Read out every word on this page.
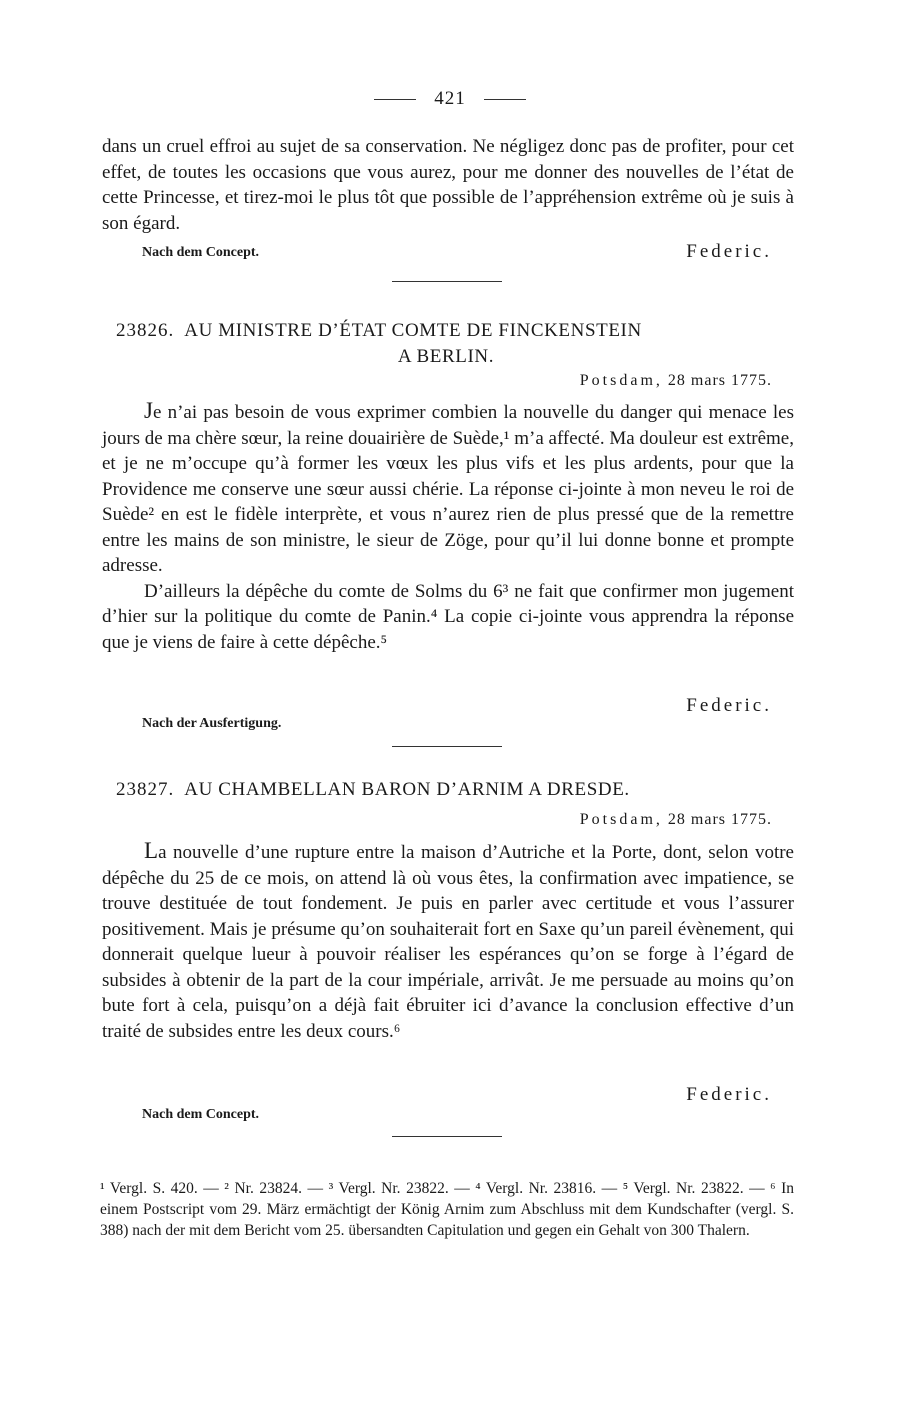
421

dans un cruel effroi au sujet de sa conservation. Ne négligez donc pas de profiter, pour cet effet, de toutes les occasions que vous aurez, pour me donner des nouvelles de l’état de cette Princesse, et tirez-moi le plus tôt que possible de l’appréhension extrême où je suis à son égard.

Nach dem Concept.	Federic.
23826. AU MINISTRE D’ÉTAT COMTE DE FINCKENSTEIN
A BERLIN.
Potsdam, 28 mars 1775.

Je n’ai pas besoin de vous exprimer combien la nouvelle du danger qui menace les jours de ma chère sœur, la reine douairière de Suède,¹ m’a affecté. Ma douleur est extrême, et je ne m’occupe qu’à former les vœux les plus vifs et les plus ardents, pour que la Providence me conserve une sœur aussi chérie. La réponse ci-jointe à mon neveu le roi de Suède² en est le fidèle interprète, et vous n’aurez rien de plus pressé que de la remettre entre les mains de son ministre, le sieur de Zöge, pour qu’il lui donne bonne et prompte adresse.

D’ailleurs la dépêche du comte de Solms du 6³ ne fait que confirmer mon jugement d’hier sur la politique du comte de Panin.⁴ La copie ci-jointe vous apprendra la réponse que je viens de faire à cette dépêche.⁵

Federic.
Nach der Ausfertigung.
23827. AU CHAMBELLAN BARON D’ARNIM A DRESDE.
Potsdam, 28 mars 1775.

La nouvelle d’une rupture entre la maison d’Autriche et la Porte, dont, selon votre dépêche du 25 de ce mois, on attend là où vous êtes, la confirmation avec impatience, se trouve destituée de tout fondement. Je puis en parler avec certitude et vous l’assurer positivement. Mais je présume qu’on souhaiterait fort en Saxe qu’un pareil évènement, qui donnerait quelque lueur à pouvoir réaliser les espérances qu’on se forge à l’égard de subsides à obtenir de la part de la cour impériale, arrivât. Je me persuade au moins qu’on bute fort à cela, puisqu’on a déjà fait ébruiter ici d’avance la conclusion effective d’un traité de subsides entre les deux cours.⁶

Federic.
Nach dem Concept.

¹ Vergl. S. 420. — ² Nr. 23824. — ³ Vergl. Nr. 23822. — ⁴ Vergl. Nr. 23816. — ⁵ Vergl. Nr. 23822. — ⁶ In einem Postscript vom 29. März ermächtigt der König Arnim zum Abschluss mit dem Kundschafter (vergl. S. 388) nach der mit dem Bericht vom 25. übersandten Capitulation und gegen ein Gehalt von 300 Thalern.
